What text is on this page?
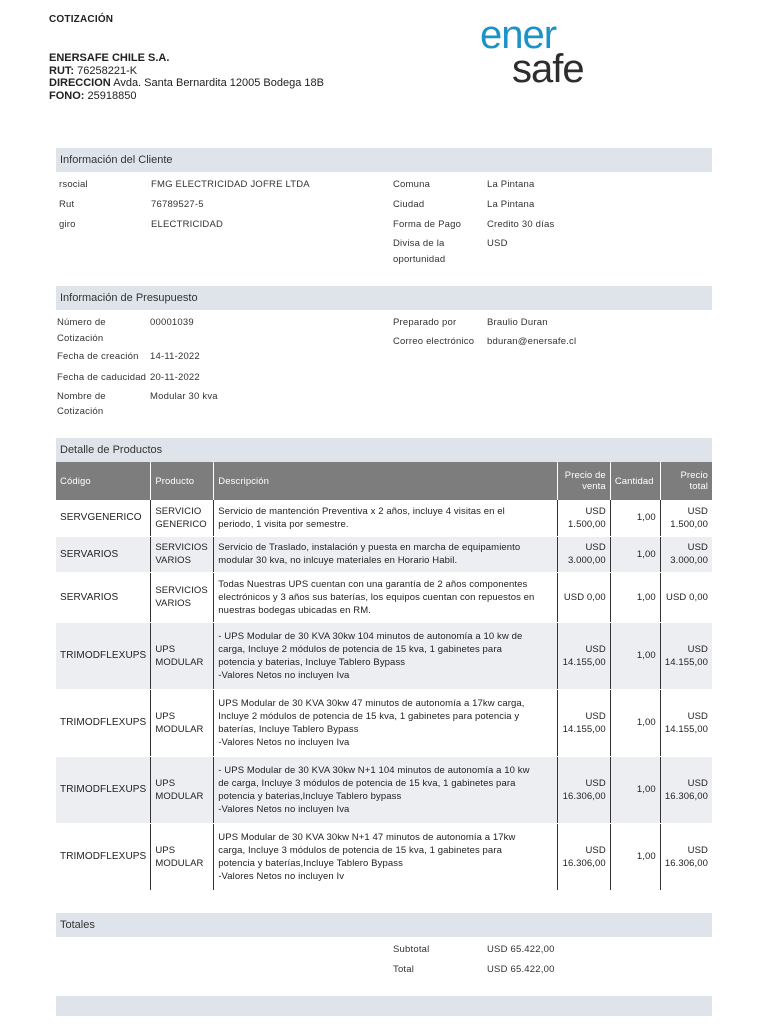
COTIZACIÓN
ENERSAFE CHILE S.A.
RUT: 76258221-K
DIRECCION Avda. Santa Bernardita 12005 Bodega 18B
FONO: 25918850
ener
safe
Información del Cliente
rsocial	FMG ELECTRICIDAD JOFRE LTDA
Rut	76789527-5
giro	ELECTRICIDAD
Comuna	La Pintana
Ciudad	La Pintana
Forma de Pago	Credito 30 días
Divisa de la
oportunidad
USD
Información de Presupuesto
Número de
Cotización
00001039
Fecha de creación 14-11-2022
Fecha de caducidad 20-11-2022
Nombre de
Cotización
Modular 30 kva
Preparado por	Braulio Duran
Correo electrónico bduran@enersafe.cl
Detalle de Productos
Código	Producto	Descripción	Precio de
venta	Cantidad	Precio
total
SERVGENERICO	SERVICIO
GENERICO	Servicio de mantención Preventiva x 2 años, incluye 4 visitas en el
periodo, 1 visita por semestre.	USD
1.500,00	1,00	USD
1.500,00

SERVARIOS	SERVICIOS
VARIOS	Servicio de Traslado, instalación y puesta en marcha de equipamiento
modular 30 kva, no inlcuye materiales en Horario Habil.	USD
3.000,00	1,00	USD
3.000,00

SERVARIOS	SERVICIOS
VARIOS	Todas Nuestras UPS cuentan con una garantía de 2 años componentes
electrónicos y 3 años sus baterías, los equipos cuentan con repuestos en
nuestras bodegas ubicadas en RM.	USD 0,00	1,00	USD 0,00

TRIMODFLEXUPS	UPS
MODULAR	- UPS Modular de 30 KVA 30kw 104 minutos de autonomía a 10 kw de
carga, Incluye 2 módulos de potencia de 15 kva, 1 gabinetes para
potencia y baterias, Incluye Tablero Bypass
-Valores Netos no incluyen Iva	USD
14.155,00	1,00	USD
14.155,00

TRIMODFLEXUPS	UPS
MODULAR	UPS Modular de 30 KVA 30kw 47 minutos de autonomía a 17kw carga,
Incluye 2 módulos de potencia de 15 kva, 1 gabinetes para potencia y
baterías, Incluye Tablero Bypass
-Valores Netos no incluyen Iva	USD
14.155,00	1,00	USD
14.155,00

TRIMODFLEXUPS	UPS
MODULAR	- UPS Modular de 30 KVA 30kw N+1 104 minutos de autonomía a 10 kw
de carga, Incluye 3 módulos de potencia de 15 kva, 1 gabinetes para
potencia y baterias,Incluye Tablero bypass
-Valores Netos no incluyen Iva	USD
16.306,00	1,00	USD
16.306,00

TRIMODFLEXUPS	UPS
MODULAR	UPS Modular de 30 KVA 30kw N+1 47 minutos de autonomía a 17kw
carga, Incluye 3 módulos de potencia de 15 kva, 1 gabinetes para
potencia y baterías,Incluye Tablero Bypass
-Valores Netos no incluyen Iv	USD
16.306,00	1,00	USD
16.306,00
Totales
Subtotal	USD 65.422,00
Total	USD 65.422,00
